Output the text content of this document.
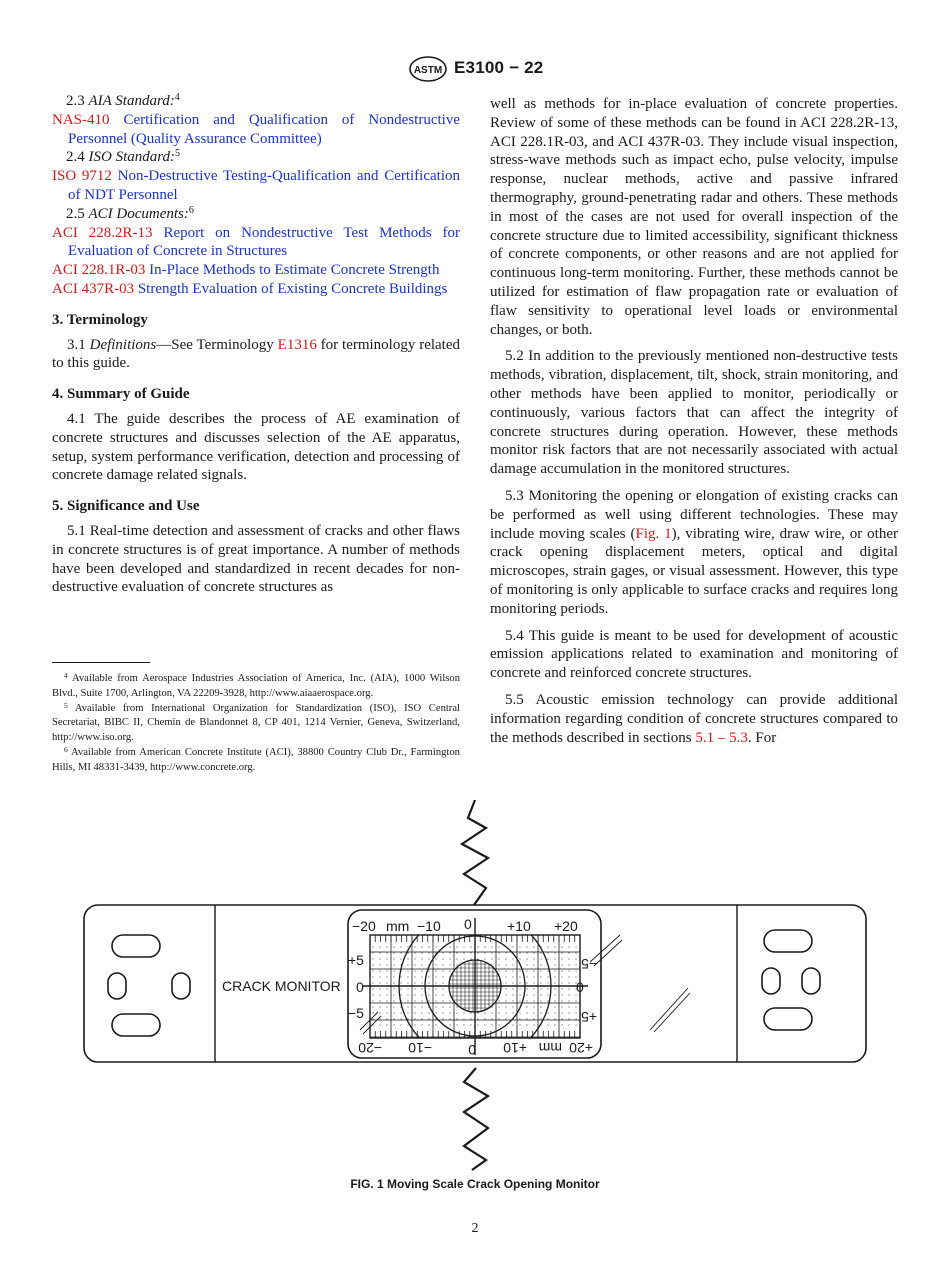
ASTM E3100 − 22

2.3 AIA Standard:$^4$

NAS-410 Certification and Qualification of Nondestructive Personnel (Quality Assurance Committee)

2.4 ISO Standard:$^5$

ISO 9712 Non-Destructive Testing-Qualification and Certification of NDT Personnel

2.5 ACI Documents:$^6$

ACI 228.2R-13 Report on Nondestructive Test Methods for Evaluation of Concrete in Structures

ACI 228.1R-03 In-Place Methods to Estimate Concrete Strength

ACI 437R-03 Strength Evaluation of Existing Concrete Buildings

3. Terminology

3.1 Definitions—See Terminology E1316 for terminology related to this guide.

4. Summary of Guide

4.1 The guide describes the process of AE examination of concrete structures and discusses selection of the AE apparatus, setup, system performance verification, detection and processing of concrete damage related signals.

5. Significance and Use

5.1 Real-time detection and assessment of cracks and other flaws in concrete structures is of great importance. A number of methods have been developed and standardized in recent decades for non-destructive evaluation of concrete structures as

$^4$ Available from Aerospace Industries Association of America, Inc. (AIA), 1000 Wilson Blvd., Suite 1700, Arlington, VA 22209-3928, http://www.aiaaerospace.org.

$^5$ Available from International Organization for Standardization (ISO), ISO Central Secretariat, BIBC II, Chemin de Blandonnet 8, CP 401, 1214 Vernier, Geneva, Switzerland, http://www.iso.org.

$^6$ Available from American Concrete Institute (ACI), 38800 Country Club Dr., Farmington Hills, MI 48331-3439, http://www.concrete.org.

well as methods for in-place evaluation of concrete properties. Review of some of these methods can be found in ACI 228.2R-13, ACI 228.1R-03, and ACI 437R-03. They include visual inspection, stress-wave methods such as impact echo, pulse velocity, impulse response, nuclear methods, active and passive infrared thermography, ground-penetrating radar and others. These methods in most of the cases are not used for overall inspection of the concrete structure due to limited accessibility, significant thickness of concrete components, or other reasons and are not applied for continuous long-term monitoring. Further, these methods cannot be utilized for estimation of flaw propagation rate or evaluation of flaw sensitivity to operational level loads or environmental changes, or both.

5.2 In addition to the previously mentioned non-destructive tests methods, vibration, displacement, tilt, shock, strain monitoring, and other methods have been applied to monitor, periodically or continuously, various factors that can affect the integrity of concrete structures during operation. However, these methods monitor risk factors that are not necessarily associated with actual damage accumulation in the monitored structures.

5.3 Monitoring the opening or elongation of existing cracks can be performed as well using different technologies. These may include moving scales (Fig. 1), vibrating wire, draw wire, or other crack opening displacement meters, optical and digital microscopes, strain gages, or visual assessment. However, this type of monitoring is only applicable to surface cracks and requires long monitoring periods.

5.4 This guide is meant to be used for development of acoustic emission applications related to examination and monitoring of concrete and reinforced concrete structures.

5.5 Acoustic emission technology can provide additional information regarding condition of concrete structures compared to the methods described in sections 5.1 – 5.3. For

CRACK MONITOR
−20 mm −10 0	+10 +20
+5
0
−5
−5
0
+5
−20 −10	0 +10 mm +20
FIG. 1 Moving Scale Crack Opening Monitor
2
